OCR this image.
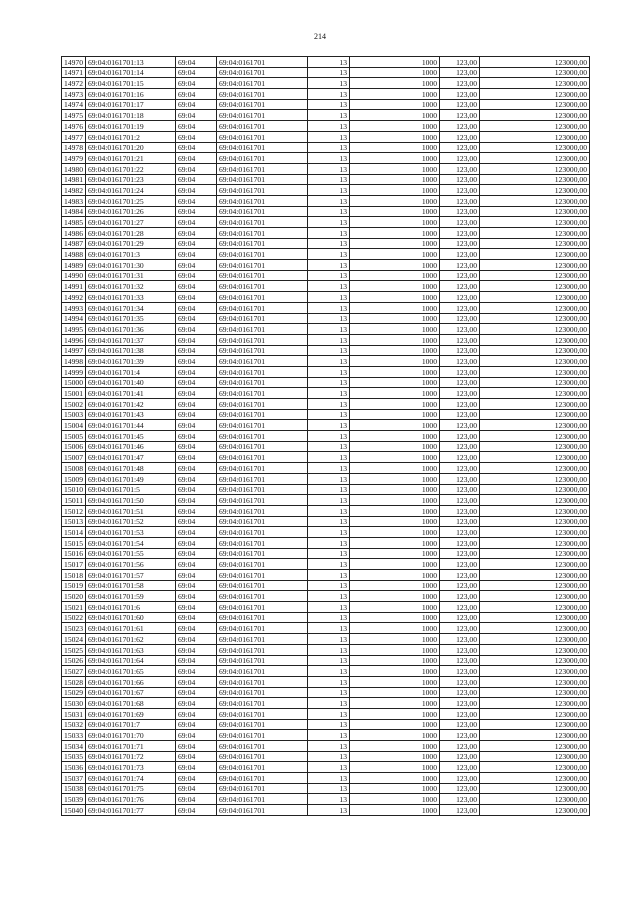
214
14970	69:04:0161701:13	69:04	69:04:0161701	13	1000	123,00	123000,00
14971	69:04:0161701:14	69:04	69:04:0161701	13	1000	123,00	123000,00
14972	69:04:0161701:15	69:04	69:04:0161701	13	1000	123,00	123000,00
14973	69:04:0161701:16	69:04	69:04:0161701	13	1000	123,00	123000,00
14974	69:04:0161701:17	69:04	69:04:0161701	13	1000	123,00	123000,00
14975	69:04:0161701:18	69:04	69:04:0161701	13	1000	123,00	123000,00
14976	69:04:0161701:19	69:04	69:04:0161701	13	1000	123,00	123000,00
14977	69:04:0161701:2	69:04	69:04:0161701	13	1000	123,00	123000,00
14978	69:04:0161701:20	69:04	69:04:0161701	13	1000	123,00	123000,00
14979	69:04:0161701:21	69:04	69:04:0161701	13	1000	123,00	123000,00
14980	69:04:0161701:22	69:04	69:04:0161701	13	1000	123,00	123000,00
14981	69:04:0161701:23	69:04	69:04:0161701	13	1000	123,00	123000,00
14982	69:04:0161701:24	69:04	69:04:0161701	13	1000	123,00	123000,00
14983	69:04:0161701:25	69:04	69:04:0161701	13	1000	123,00	123000,00
14984	69:04:0161701:26	69:04	69:04:0161701	13	1000	123,00	123000,00
14985	69:04:0161701:27	69:04	69:04:0161701	13	1000	123,00	123000,00
14986	69:04:0161701:28	69:04	69:04:0161701	13	1000	123,00	123000,00
14987	69:04:0161701:29	69:04	69:04:0161701	13	1000	123,00	123000,00
14988	69:04:0161701:3	69:04	69:04:0161701	13	1000	123,00	123000,00
14989	69:04:0161701:30	69:04	69:04:0161701	13	1000	123,00	123000,00
14990	69:04:0161701:31	69:04	69:04:0161701	13	1000	123,00	123000,00
14991	69:04:0161701:32	69:04	69:04:0161701	13	1000	123,00	123000,00
14992	69:04:0161701:33	69:04	69:04:0161701	13	1000	123,00	123000,00
14993	69:04:0161701:34	69:04	69:04:0161701	13	1000	123,00	123000,00
14994	69:04:0161701:35	69:04	69:04:0161701	13	1000	123,00	123000,00
14995	69:04:0161701:36	69:04	69:04:0161701	13	1000	123,00	123000,00
14996	69:04:0161701:37	69:04	69:04:0161701	13	1000	123,00	123000,00
14997	69:04:0161701:38	69:04	69:04:0161701	13	1000	123,00	123000,00
14998	69:04:0161701:39	69:04	69:04:0161701	13	1000	123,00	123000,00
14999	69:04:0161701:4	69:04	69:04:0161701	13	1000	123,00	123000,00
15000	69:04:0161701:40	69:04	69:04:0161701	13	1000	123,00	123000,00
15001	69:04:0161701:41	69:04	69:04:0161701	13	1000	123,00	123000,00
15002	69:04:0161701:42	69:04	69:04:0161701	13	1000	123,00	123000,00
15003	69:04:0161701:43	69:04	69:04:0161701	13	1000	123,00	123000,00
15004	69:04:0161701:44	69:04	69:04:0161701	13	1000	123,00	123000,00
15005	69:04:0161701:45	69:04	69:04:0161701	13	1000	123,00	123000,00
15006	69:04:0161701:46	69:04	69:04:0161701	13	1000	123,00	123000,00
15007	69:04:0161701:47	69:04	69:04:0161701	13	1000	123,00	123000,00
15008	69:04:0161701:48	69:04	69:04:0161701	13	1000	123,00	123000,00
15009	69:04:0161701:49	69:04	69:04:0161701	13	1000	123,00	123000,00
15010	69:04:0161701:5	69:04	69:04:0161701	13	1000	123,00	123000,00
15011	69:04:0161701:50	69:04	69:04:0161701	13	1000	123,00	123000,00
15012	69:04:0161701:51	69:04	69:04:0161701	13	1000	123,00	123000,00
15013	69:04:0161701:52	69:04	69:04:0161701	13	1000	123,00	123000,00
15014	69:04:0161701:53	69:04	69:04:0161701	13	1000	123,00	123000,00
15015	69:04:0161701:54	69:04	69:04:0161701	13	1000	123,00	123000,00
15016	69:04:0161701:55	69:04	69:04:0161701	13	1000	123,00	123000,00
15017	69:04:0161701:56	69:04	69:04:0161701	13	1000	123,00	123000,00
15018	69:04:0161701:57	69:04	69:04:0161701	13	1000	123,00	123000,00
15019	69:04:0161701:58	69:04	69:04:0161701	13	1000	123,00	123000,00
15020	69:04:0161701:59	69:04	69:04:0161701	13	1000	123,00	123000,00
15021	69:04:0161701:6	69:04	69:04:0161701	13	1000	123,00	123000,00
15022	69:04:0161701:60	69:04	69:04:0161701	13	1000	123,00	123000,00
15023	69:04:0161701:61	69:04	69:04:0161701	13	1000	123,00	123000,00
15024	69:04:0161701:62	69:04	69:04:0161701	13	1000	123,00	123000,00
15025	69:04:0161701:63	69:04	69:04:0161701	13	1000	123,00	123000,00
15026	69:04:0161701:64	69:04	69:04:0161701	13	1000	123,00	123000,00
15027	69:04:0161701:65	69:04	69:04:0161701	13	1000	123,00	123000,00
15028	69:04:0161701:66	69:04	69:04:0161701	13	1000	123,00	123000,00
15029	69:04:0161701:67	69:04	69:04:0161701	13	1000	123,00	123000,00
15030	69:04:0161701:68	69:04	69:04:0161701	13	1000	123,00	123000,00
15031	69:04:0161701:69	69:04	69:04:0161701	13	1000	123,00	123000,00
15032	69:04:0161701:7	69:04	69:04:0161701	13	1000	123,00	123000,00
15033	69:04:0161701:70	69:04	69:04:0161701	13	1000	123,00	123000,00
15034	69:04:0161701:71	69:04	69:04:0161701	13	1000	123,00	123000,00
15035	69:04:0161701:72	69:04	69:04:0161701	13	1000	123,00	123000,00
15036	69:04:0161701:73	69:04	69:04:0161701	13	1000	123,00	123000,00
15037	69:04:0161701:74	69:04	69:04:0161701	13	1000	123,00	123000,00
15038	69:04:0161701:75	69:04	69:04:0161701	13	1000	123,00	123000,00
15039	69:04:0161701:76	69:04	69:04:0161701	13	1000	123,00	123000,00
15040	69:04:0161701:77	69:04	69:04:0161701	13	1000	123,00	123000,00
